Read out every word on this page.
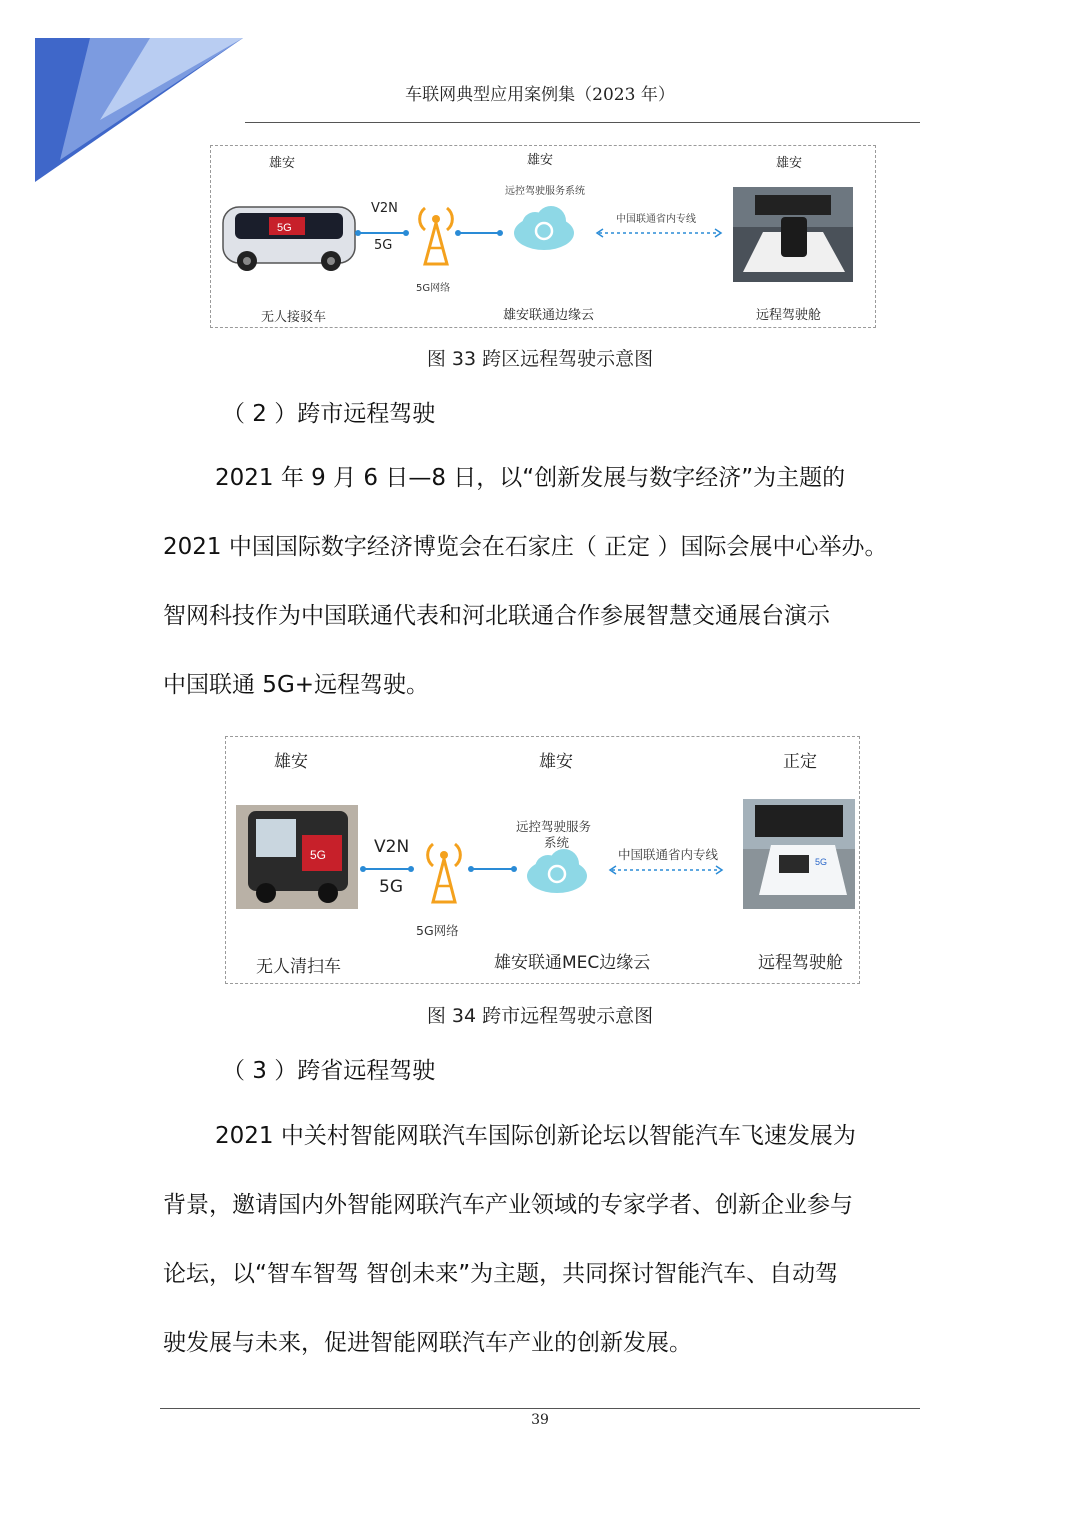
车联网典型应用案例集（2023 年）
雄安	雄安	雄安
5G
V2N
5G
5G网络
远控驾驶服务系统
中国联通省内专线
无人接驳车	雄安联通边缘云	远程驾驶舱
图 33 跨区远程驾驶示意图
（ 2 ）跨市远程驾驶
2021 年 9 月 6 日—8 日，以“创新发展与数字经济”为主题的
2021 中国国际数字经济博览会在石家庄（ 正定 ）国际会展中心举办。
智网科技作为中国联通代表和河北联通合作参展智慧交通展台演示
中国联通 5G+远程驾驶。
雄安	雄安	正定
5G	V2N
5G
5G网络
远控驾驶服务
系统
中国联通省内专线	5G
无人清扫车	雄安联通MEC边缘云	远程驾驶舱
图 34 跨市远程驾驶示意图
（ 3 ）跨省远程驾驶
2021 中关村智能网联汽车国际创新论坛以智能汽车飞速发展为
背景，邀请国内外智能网联汽车产业领域的专家学者、创新企业参与
论坛，以“智车智驾 智创未来”为主题，共同探讨智能汽车、自动驾
驶发展与未来，促进智能网联汽车产业的创新发展。
39
